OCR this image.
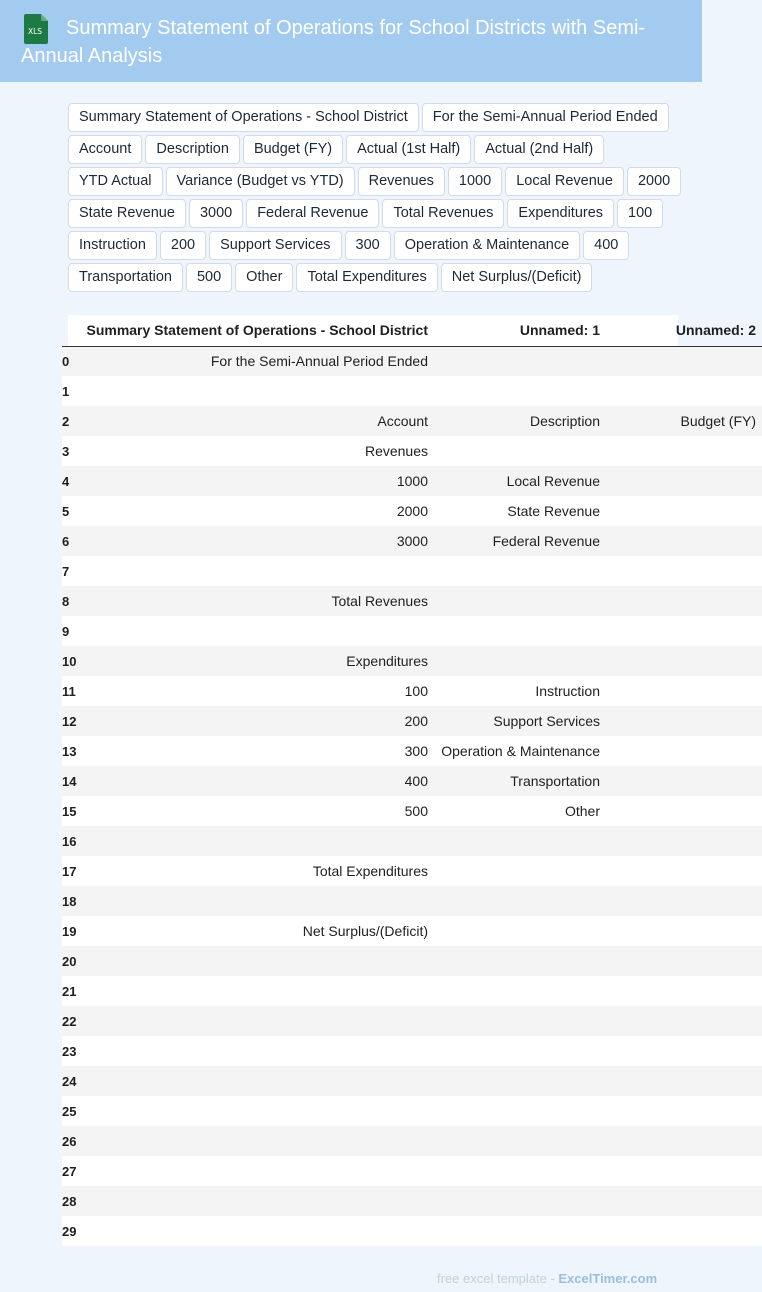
XLS	Summary Statement of Operations for School Districts with Semi-Annual Analysis
Summary Statement of Operations - School District	For the Semi-Annual Period Ended
Account	Description	Budget (FY)	Actual (1st Half)	Actual (2nd Half)
YTD Actual	Variance (Budget vs YTD)	Revenues	1000	Local Revenue	2000
State Revenue	3000	Federal Revenue	Total Revenues	Expenditures	100
Instruction	200	Support Services	300	Operation & Maintenance	400
Transportation	500	Other	Total Expenditures	Net Surplus/(Deficit)
	Summary Statement of Operations - School District	Unnamed: 1	Unnamed: 2
0	For the Semi-Annual Period Ended		
1			
2	Account	Description	Budget (FY)
3	Revenues		
4	1000	Local Revenue	
5	2000	State Revenue	
6	3000	Federal Revenue	
7			
8	Total Revenues		
9			
10	Expenditures		
11	100	Instruction	
12	200	Support Services	
13	300	Operation & Maintenance	
14	400	Transportation	
15	500	Other	
16			
17	Total Expenditures		
18			
19	Net Surplus/(Deficit)		
20			
21			
22			
23			
24			
25			
26			
27			
28			
29			
free excel template - ExcelTimer.com
